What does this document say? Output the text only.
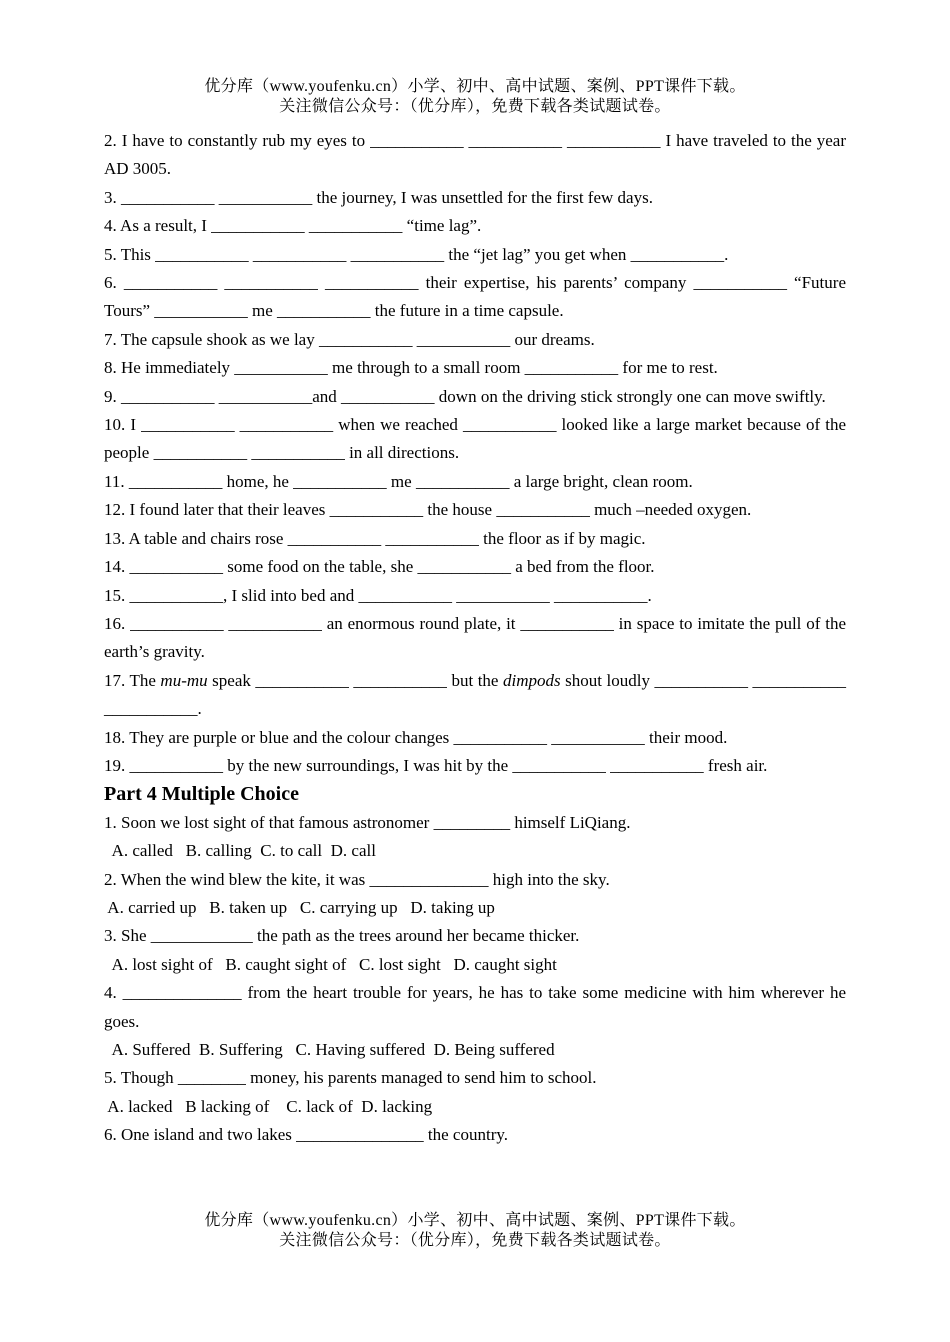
优分库（www.youfenku.cn）小学、初中、高中试题、案例、PPT课件下载。
关注微信公众号：（优分库），免费下载各类试题试卷。

2. I have to constantly rub my eyes to ___________ ___________ ___________ I have traveled to the year AD 3005.

3. ___________ ___________ the journey, I was unsettled for the first few days.

4. As a result, I ___________ ___________ “time lag”.

5. This ___________ ___________ ___________ the “jet lag” you get when ___________.

6. ___________ ___________ ___________ their expertise, his parents’ company ___________ “Future Tours” ___________ me ___________ the future in a time capsule.

7. The capsule shook as we lay ___________ ___________ our dreams.

8. He immediately ___________ me through to a small room ___________ for me to rest.

9. ___________ ___________and ___________ down on the driving stick strongly one can move swiftly.

10. I ___________ ___________ when we reached ___________ looked like a large market because of the people ___________ ___________ in all directions.

11. ___________ home, he ___________ me ___________ a large bright, clean room.

12. I found later that their leaves ___________ the house ___________ much –needed oxygen.

13. A table and chairs rose ___________ ___________ the floor as if by magic.

14. ___________ some food on the table, she ___________ a bed from the floor.

15. ___________, I slid into bed and ___________ ___________ ___________.

16. ___________ ___________ an enormous round plate, it ___________ in space to imitate the pull of the earth’s gravity.

17. The mu-mu speak ___________ ___________ but the dimpods shout loudly ___________ ___________ ___________.

18. They are purple or blue and the colour changes ___________ ___________ their mood.

19. ___________ by the new surroundings, I was hit by the ___________ ___________ fresh air.

Part 4 Multiple Choice

1. Soon we lost sight of that famous astronomer _________ himself LiQiang.

A. called   B. calling  C. to call  D. call

2. When the wind blew the kite, it was ______________ high into the sky.

A. carried up   B. taken up   C. carrying up   D. taking up

3. She ____________ the path as the trees around her became thicker.

A. lost sight of   B. caught sight of   C. lost sight   D. caught sight

4. ______________ from the heart trouble for years, he has to take some medicine with him wherever he goes.

A. Suffered  B. Suffering   C. Having suffered  D. Being suffered

5. Though ________ money, his parents managed to send him to school.

A. lacked   B lacking of    C. lack of  D. lacking

6. One island and two lakes _______________ the country.

优分库（www.youfenku.cn）小学、初中、高中试题、案例、PPT课件下载。
关注微信公众号：（优分库），免费下载各类试题试卷。
